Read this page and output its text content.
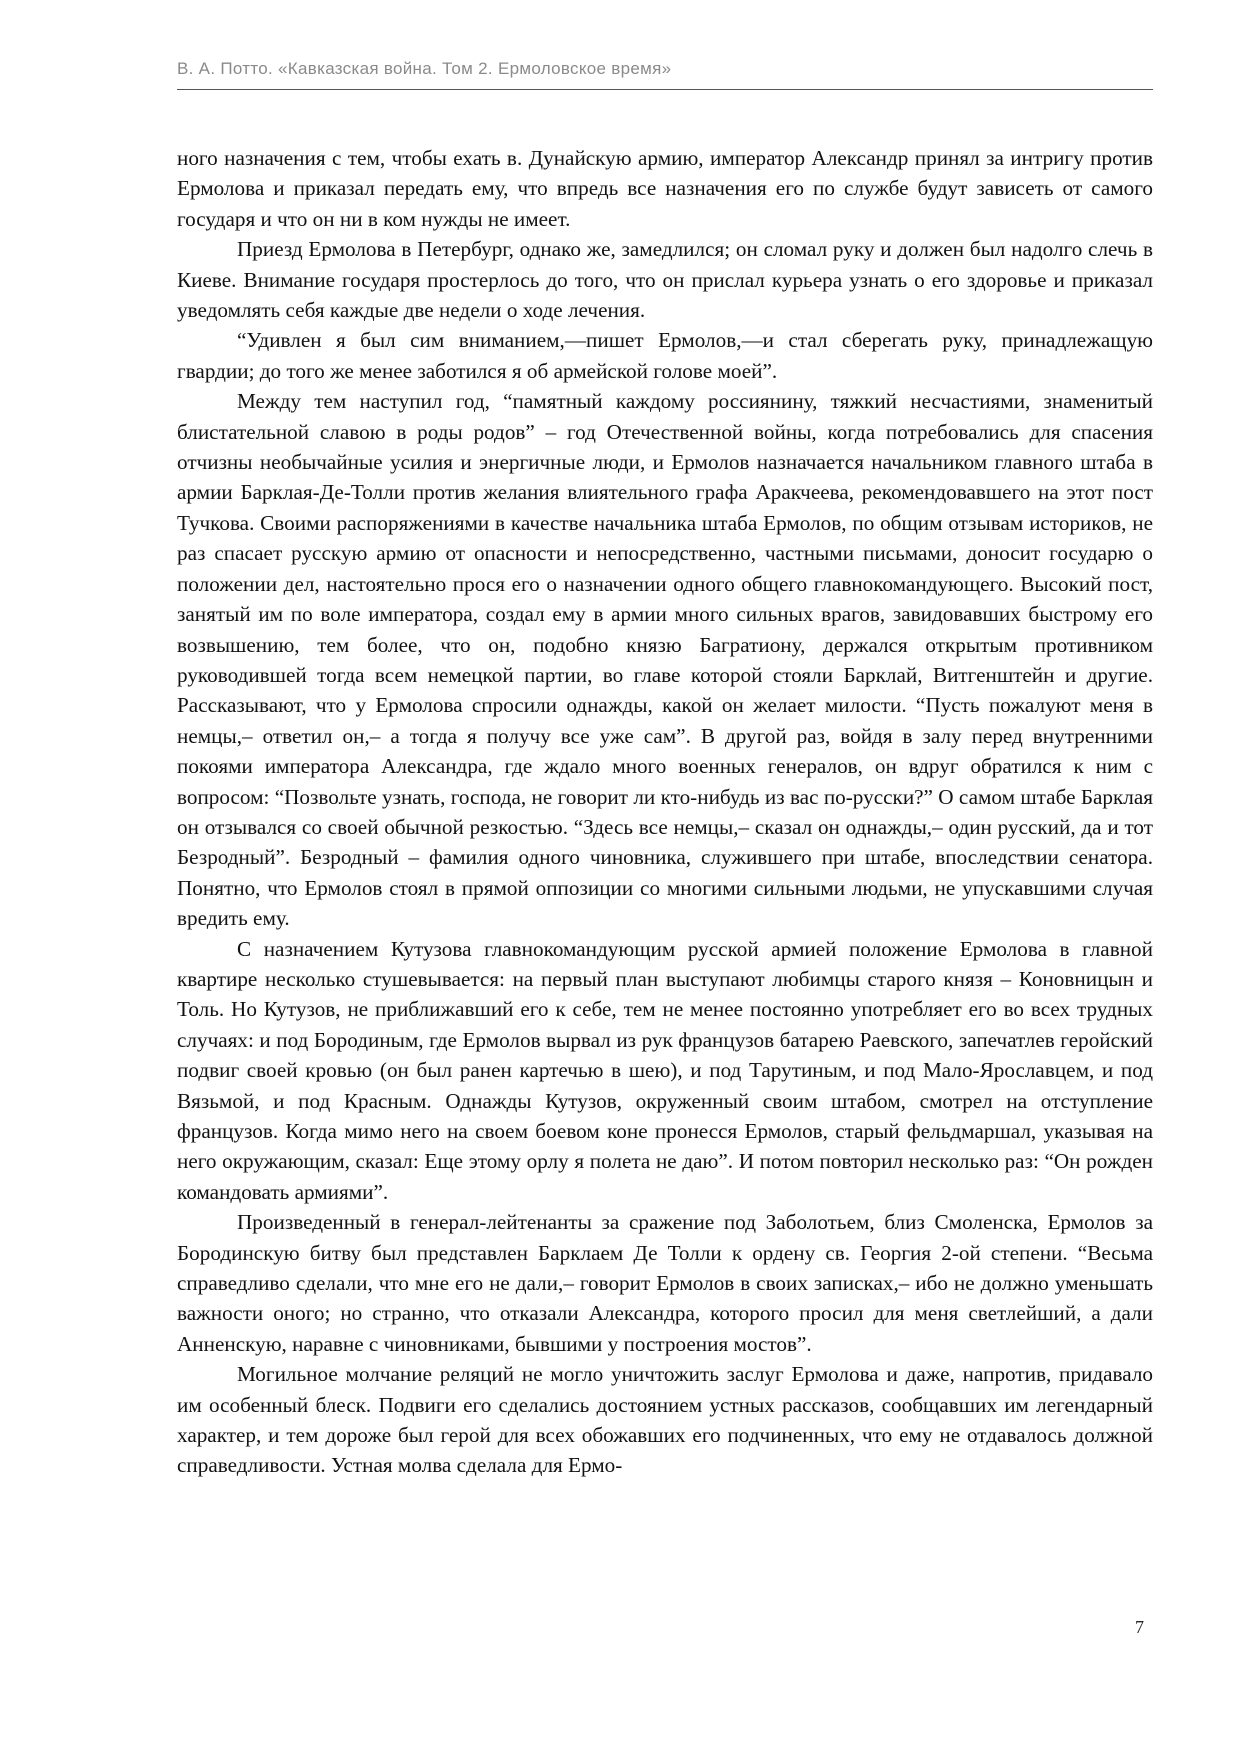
В. А. Потто. «Кавказская война. Том 2. Ермоловское время»

ного назначения с тем, чтобы ехать в. Дунайскую армию, император Александр принял за интригу против Ермолова и приказал передать ему, что впредь все назначения его по службе будут зависеть от самого государя и что он ни в ком нужды не имеет.

Приезд Ермолова в Петербург, однако же, замедлился; он сломал руку и должен был надолго слечь в Киеве. Внимание государя простерлось до того, что он прислал курьера узнать о его здоровье и приказал уведомлять себя каждые две недели о ходе лечения.

“Удивлен я был сим вниманием,—пишет Ермолов,—и стал сберегать руку, принадлежащую гвардии; до того же менее заботился я об армейской голове моей”.

Между тем наступил год, “памятный каждому россиянину, тяжкий несчастиями, знаменитый блистательной славою в роды родов” – год Отечественной войны, когда потребовались для спасения отчизны необычайные усилия и энергичные люди, и Ермолов назначается начальником главного штаба в армии Барклая-Де-Толли против желания влиятельного графа Аракчеева, рекомендовавшего на этот пост Тучкова. Своими распоряжениями в качестве начальника штаба Ермолов, по общим отзывам историков, не раз спасает русскую армию от опасности и непосредственно, частными письмами, доносит государю о положении дел, настоятельно прося его о назначении одного общего главнокомандующего. Высокий пост, занятый им по воле императора, создал ему в армии много сильных врагов, завидовавших быстрому его возвышению, тем более, что он, подобно князю Багратиону, держался открытым противником руководившей тогда всем немецкой партии, во главе которой стояли Барклай, Витгенштейн и другие. Рассказывают, что у Ермолова спросили однажды, какой он желает милости. “Пусть пожалуют меня в немцы,– ответил он,– а тогда я получу все уже сам”. В другой раз, войдя в залу перед внутренними покоями императора Александра, где ждало много военных генералов, он вдруг обратился к ним с вопросом: “Позвольте узнать, господа, не говорит ли кто-нибудь из вас по-русски?” О самом штабе Барклая он отзывался со своей обычной резкостью. “Здесь все немцы,– сказал он однажды,– один русский, да и тот Безродный”. Безродный – фамилия одного чиновника, служившего при штабе, впоследствии сенатора. Понятно, что Ермолов стоял в прямой оппозиции со многими сильными людьми, не упускавшими случая вредить ему.

С назначением Кутузова главнокомандующим русской армией положение Ермолова в главной квартире несколько стушевывается: на первый план выступают любимцы старого князя – Коновницын и Толь. Но Кутузов, не приближавший его к себе, тем не менее постоянно употребляет его во всех трудных случаях: и под Бородиным, где Ермолов вырвал из рук французов батарею Раевского, запечатлев геройский подвиг своей кровью (он был ранен картечью в шею), и под Тарутиным, и под Мало-Ярославцем, и под Вязьмой, и под Красным. Однажды Кутузов, окруженный своим штабом, смотрел на отступление французов. Когда мимо него на своем боевом коне пронесся Ермолов, старый фельдмаршал, указывая на него окружающим, сказал: Еще этому орлу я полета не даю”. И потом повторил несколько раз: “Он рожден командовать армиями”.

Произведенный в генерал-лейтенанты за сражение под Заболотьем, близ Смоленска, Ермолов за Бородинскую битву был представлен Барклаем Де Толли к ордену св. Георгия 2-ой степени. “Весьма справедливо сделали, что мне его не дали,– говорит Ермолов в своих записках,– ибо не должно уменьшать важности оного; но странно, что отказали Александра, которого просил для меня светлейший, а дали Анненскую, наравне с чиновниками, бывшими у построения мостов”.

Могильное молчание реляций не могло уничтожить заслуг Ермолова и даже, напротив, придавало им особенный блеск. Подвиги его сделались достоянием устных рассказов, сообщавших им легендарный характер, и тем дороже был герой для всех обожавших его подчиненных, что ему не отдавалось должной справедливости. Устная молва сделала для Ермо-

7
